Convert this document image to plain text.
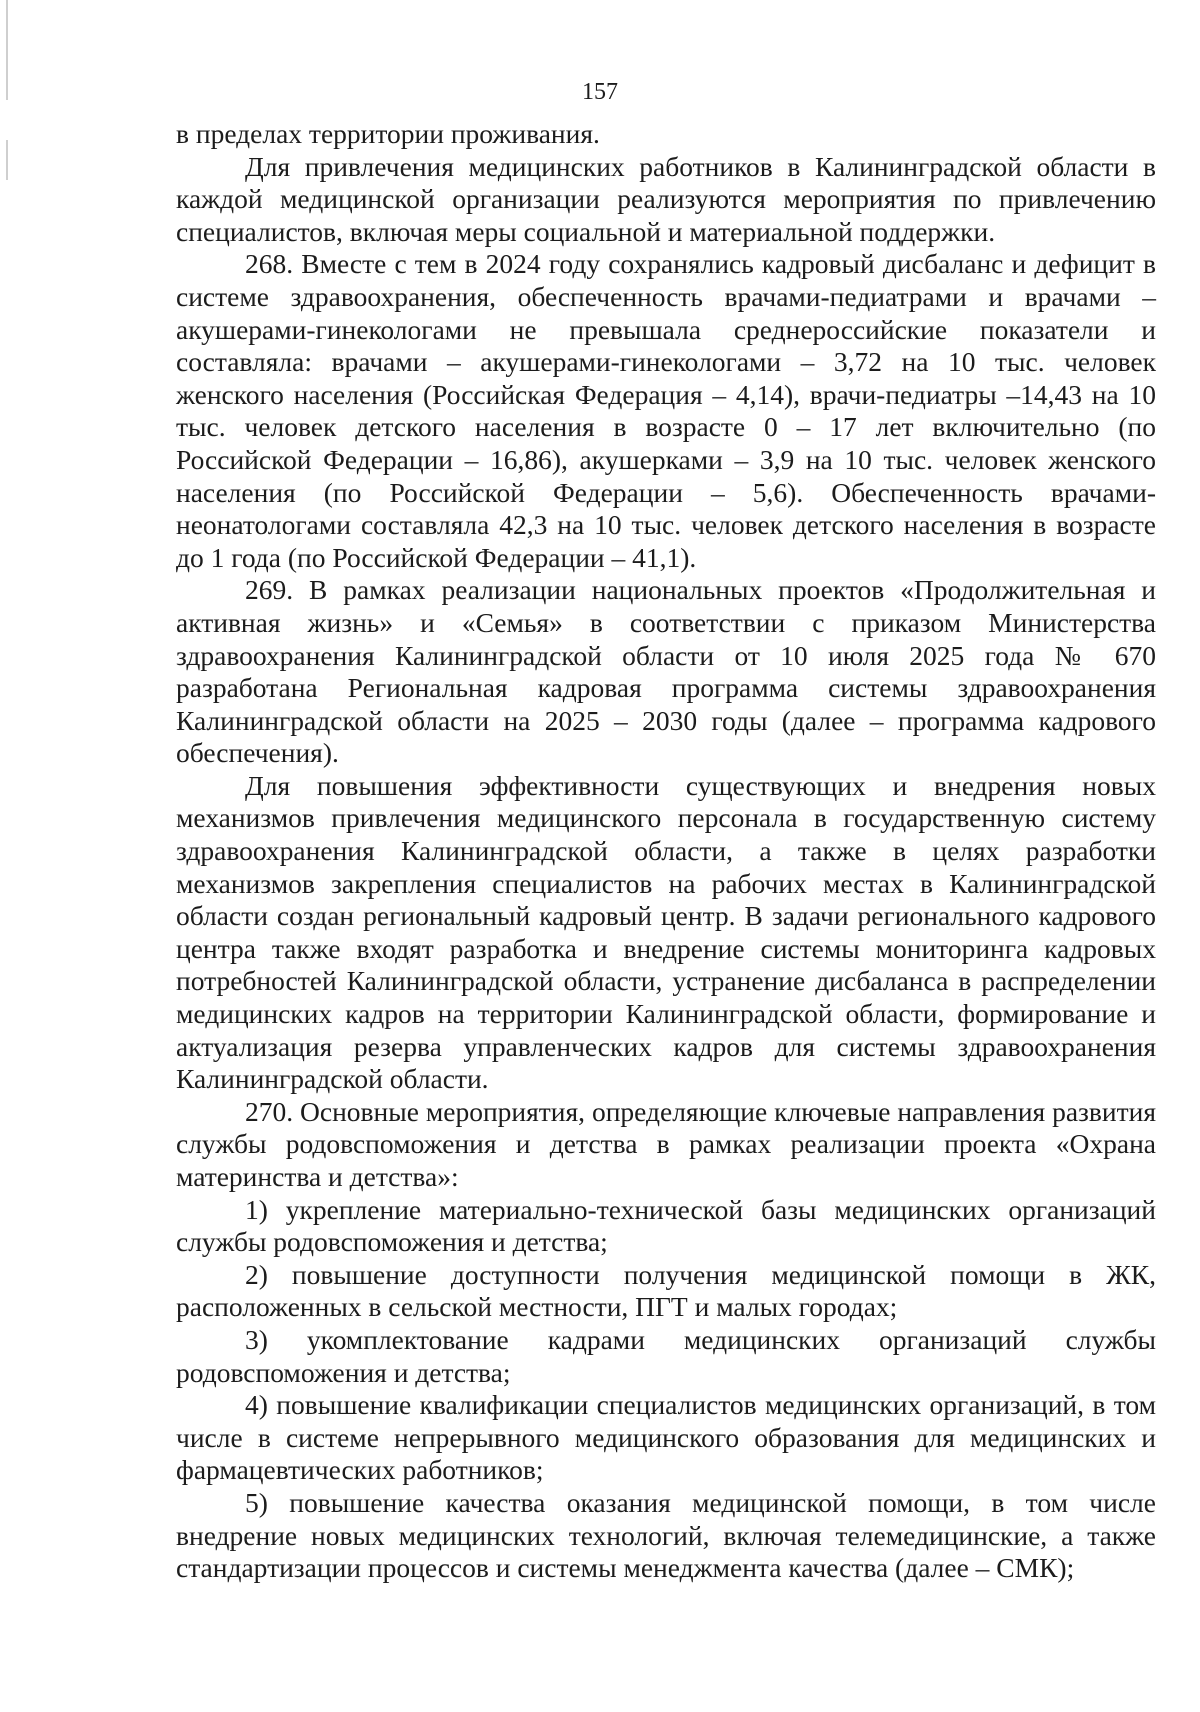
157

в пределах территории проживания.

Для привлечения медицинских работников в Калининградской области в каждой медицинской организации реализуются мероприятия по привлечению специалистов, включая меры социальной и материальной поддержки.

268. Вместе с тем в 2024 году сохранялись кадровый дисбаланс и дефицит в системе здравоохранения, обеспеченность врачами-педиатрами и врачами – акушерами-гинекологами не превышала среднероссийские показатели и составляла: врачами – акушерами-гинекологами – 3,72 на 10 тыс. человек женского населения (Российская Федерация – 4,14), врачи-педиатры –14,43 на 10 тыс. человек детского населения в возрасте 0 – 17 лет включительно (по Российской Федерации – 16,86), акушерками – 3,9 на 10 тыс. человек женского населения (по Российской Федерации – 5,6). Обеспеченность врачами-неонатологами составляла 42,3 на 10 тыс. человек детского населения в возрасте до 1 года (по Российской Федерации – 41,1).

269. В рамках реализации национальных проектов «Продолжительная и активная жизнь» и «Семья» в соответствии с приказом Министерства здравоохранения Калининградской области от 10 июля 2025 года № 670 разработана Региональная кадровая программа системы здравоохранения Калининградской области на 2025 – 2030 годы (далее – программа кадрового обеспечения).

Для повышения эффективности существующих и внедрения новых механизмов привлечения медицинского персонала в государственную систему здравоохранения Калининградской области, а также в целях разработки механизмов закрепления специалистов на рабочих местах в Калининградской области создан региональный кадровый центр. В задачи регионального кадрового центра также входят разработка и внедрение системы мониторинга кадровых потребностей Калининградской области, устранение дисбаланса в распределении медицинских кадров на территории Калининградской области, формирование и актуализация резерва управленческих кадров для системы здравоохранения Калининградской области.

270. Основные мероприятия, определяющие ключевые направления развития службы родовспоможения и детства в рамках реализации проекта «Охрана материнства и детства»:

1) укрепление материально-технической базы медицинских организаций службы родовспоможения и детства;

2) повышение доступности получения медицинской помощи в ЖК, расположенных в сельской местности, ПГТ и малых городах;

3) укомплектование кадрами медицинских организаций службы родовспоможения и детства;

4) повышение квалификации специалистов медицинских организаций, в том числе в системе непрерывного медицинского образования для медицинских и фармацевтических работников;

5) повышение качества оказания медицинской помощи, в том числе внедрение новых медицинских технологий, включая телемедицинские, а также стандартизации процессов и системы менеджмента качества (далее – СМК);
